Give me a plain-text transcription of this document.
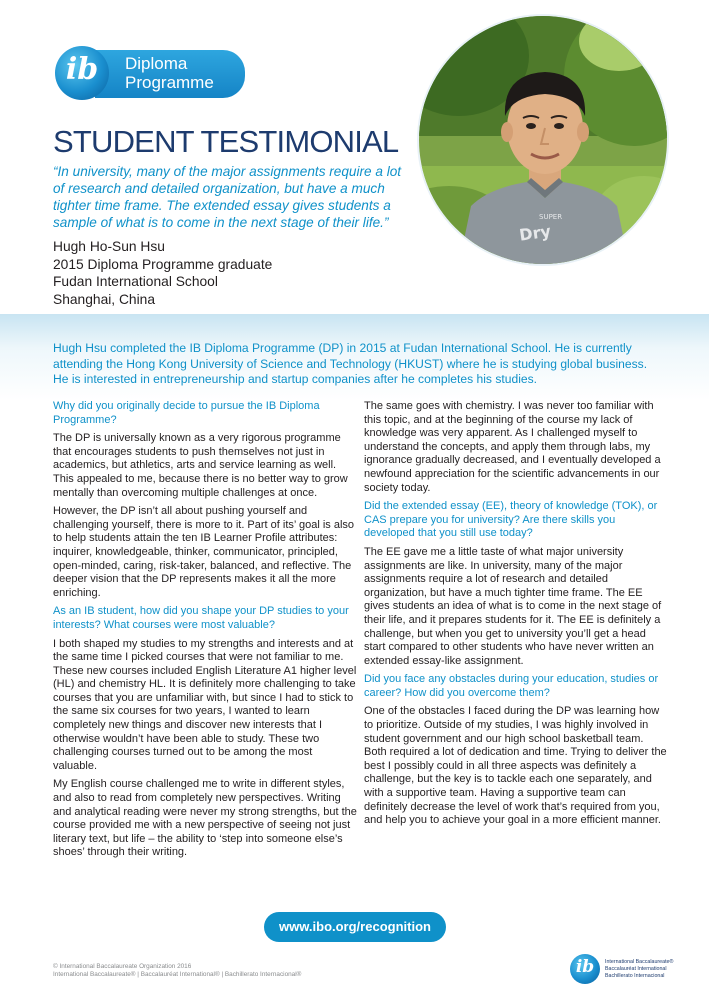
Diploma
Programme
ib
Dry
SUPER
STUDENT TESTIMONIAL

“In university, many of the major assignments require a lot of research and detailed organization, but have a much tighter time frame. The extended essay gives students a sample of what is to come in the next stage of their life.”

Hugh Ho-Sun Hsu
2015 Diploma Programme graduate
Fudan International School
Shanghai, China

Hugh Hsu completed the IB Diploma Programme (DP) in 2015 at Fudan International School. He is currently attending the Hong Kong University of Science and Technology (HKUST) where he is studying global business. He is interested in entrepreneurship and startup companies after he completes his studies.

Why did you originally decide to pursue the IB Diploma Programme?

The DP is universally known as a very rigorous programme that encourages students to push themselves not just in academics, but athletics, arts and service learning as well. This appealed to me, because there is no better way to grow mentally than overcoming multiple challenges at once.

However, the DP isn’t all about pushing yourself and challenging yourself, there is more to it. Part of its’ goal is also to help students attain the ten IB Learner Profile attributes: inquirer, knowledgeable, thinker, communicator, principled, open-minded, caring, risk-taker, balanced, and reflective. The deeper vision that the DP represents makes it all the more enriching.

As an IB student, how did you shape your DP studies to your interests? What courses were most valuable?

I both shaped my studies to my strengths and interests and at the same time I picked courses that were not familiar to me. These new courses included English Literature A1 higher level (HL) and chemistry HL. It is definitely more challenging to take courses that you are unfamiliar with, but since I had to stick to the same six courses for two years, I wanted to learn completely new things and discover new interests that I otherwise wouldn’t have been able to study. These two challenging courses turned out to be among the most valuable.

My English course challenged me to write in different styles, and also to read from completely new perspectives. Writing and analytical reading were never my strong strengths, but the course provided me with a new perspective of seeing not just literary text, but life – the ability to ‘step into someone else’s shoes’ through their writing.

The same goes with chemistry. I was never too familiar with this topic, and at the beginning of the course my lack of knowledge was very apparent. As I challenged myself to understand the concepts, and apply them through labs, my ignorance gradually decreased, and I eventually developed a newfound appreciation for the scientific advancements in our society today.

Did the extended essay (EE), theory of knowledge (TOK), or CAS prepare you for university? Are there skills you developed that you still use today?

The EE gave me a little taste of what major university assignments are like. In university, many of the major assignments require a lot of research and detailed organization, but have a much tighter time frame. The EE gives students an idea of what is to come in the next stage of their life, and it prepares students for it. The EE is definitely a challenge, but when you get to university you’ll get a head start compared to other students who have never written an extended essay-like assignment.

Did you face any obstacles during your education, studies or career? How did you overcome them?

One of the obstacles I faced during the DP was learning how to prioritize. Outside of my studies, I was highly involved in student government and our high school basketball team. Both required a lot of dedication and time. Trying to deliver the best I possibly could in all three aspects was definitely a challenge, but the key is to tackle each one separately, and with a supportive team. Having a supportive team can definitely decrease the level of work that’s required from you, and help you to achieve your goal in a more efficient manner.

www.ibo.org/recognition
© International Baccalaureate Organization 2016
International Baccalaureate® | Baccalauréat International® | Bachillerato Internacional®	ib	International Baccalaureate®
Baccalauréat International
Bachillerato Internacional
